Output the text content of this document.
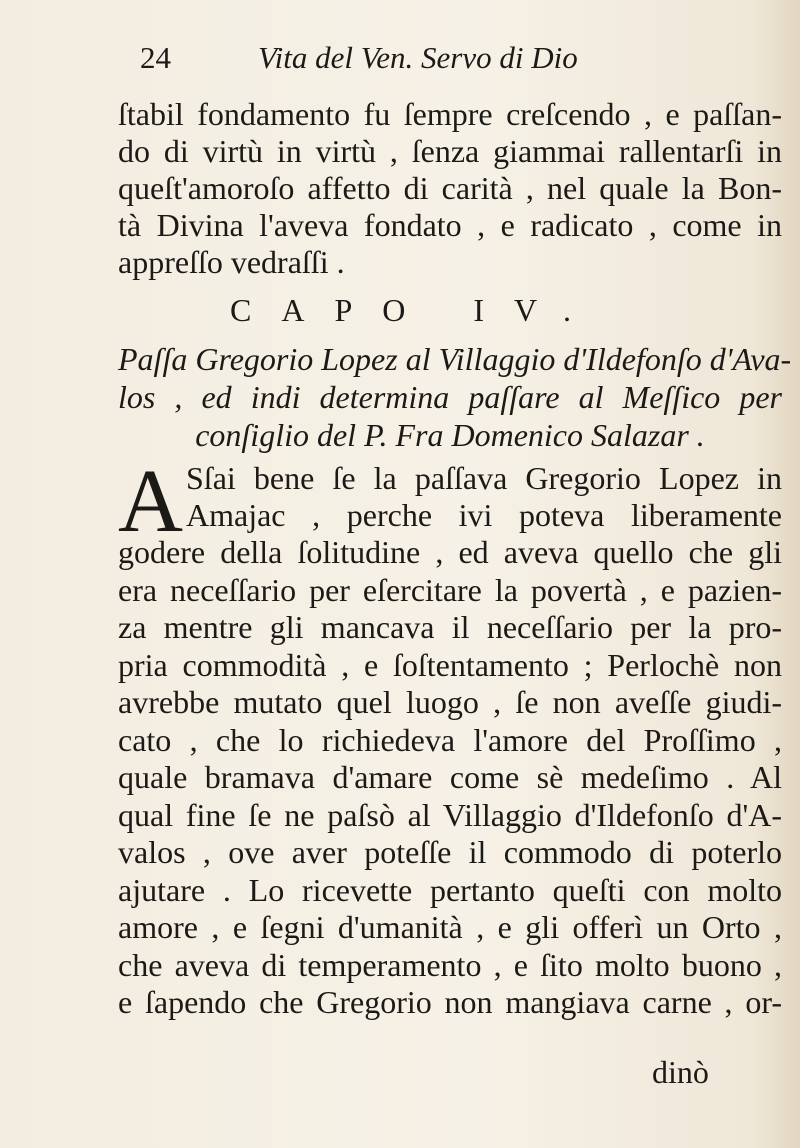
24	Vita del Ven. Servo di Dio
ſtabil fondamento fu ſempre creſcendo , e paſſan-
do di virtù in virtù , ſenza giammai rallentarſi in
queſt'amoroſo affetto di carità , nel quale la Bon-
tà Divina l'aveva fondato , e radicato , come in
appreſſo vedraſſi .
CAPO IV.
Paſſa Gregorio Lopez al Villaggio d'Ildefonſo d'Ava-
los , ed indi determina paſſare al Meſſico per
conſiglio del P. Fra Domenico Salazar .
A Sſai bene ſe la paſſava Gregorio Lopez in
Amajac , perche ivi poteva liberamente
godere della ſolitudine , ed aveva quello che gli
era neceſſario per eſercitare la povertà , e pazien-
za mentre gli mancava il neceſſario per la pro-
pria commodità , e ſoſtentamento ; Perlochè non
avrebbe mutato quel luogo , ſe non aveſſe giudi-
cato , che lo richiedeva l'amore del Proſſimo ,
quale bramava d'amare come sè medeſimo . Al
qual fine ſe ne paſsò al Villaggio d'Ildefonſo d'A-
valos , ove aver poteſſe il commodo di poterlo
ajutare . Lo ricevette pertanto queſti con molto
amore , e ſegni d'umanità , e gli offerì un Orto ,
che aveva di temperamento , e ſito molto buono ,
e ſapendo che Gregorio non mangiava carne , or-
dinò
